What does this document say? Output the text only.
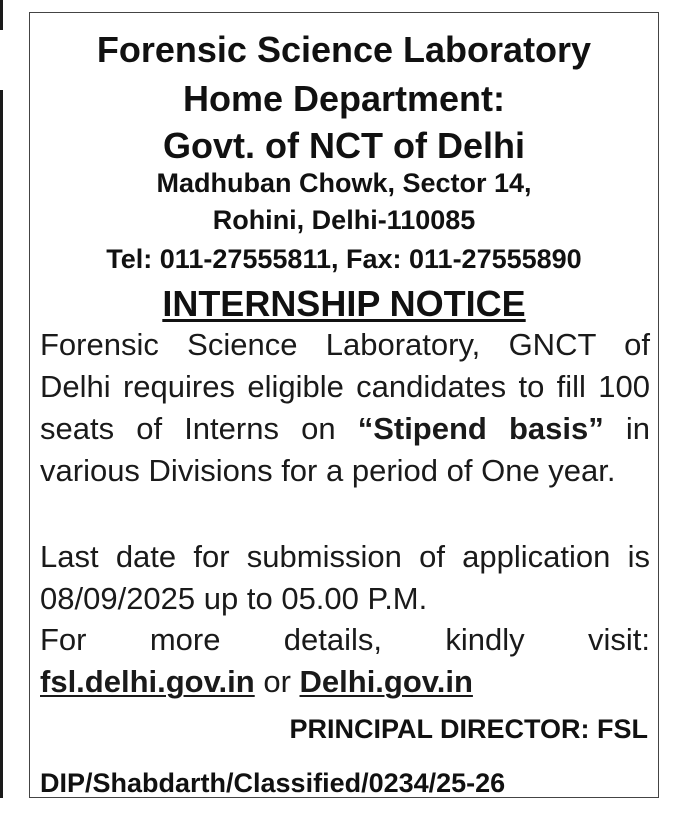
Forensic Science Laboratory
Home Department:
Govt. of NCT of Delhi
Madhuban Chowk, Sector 14,
Rohini, Delhi-110085
Tel: 011-27555811, Fax: 011-27555890
INTERNSHIP NOTICE
Forensic Science Laboratory, GNCT of Delhi requires eligible candidates to fill 100 seats of Interns on “Stipend basis” in various Divisions for a period of One year.
Last date for submission of application is 08/09/2025 up to 05.00 P.M.
For more details, kindly visit:
fsl.delhi.gov.in or Delhi.gov.in
PRINCIPAL DIRECTOR: FSL
DIP/Shabdarth/Classified/0234/25-26
